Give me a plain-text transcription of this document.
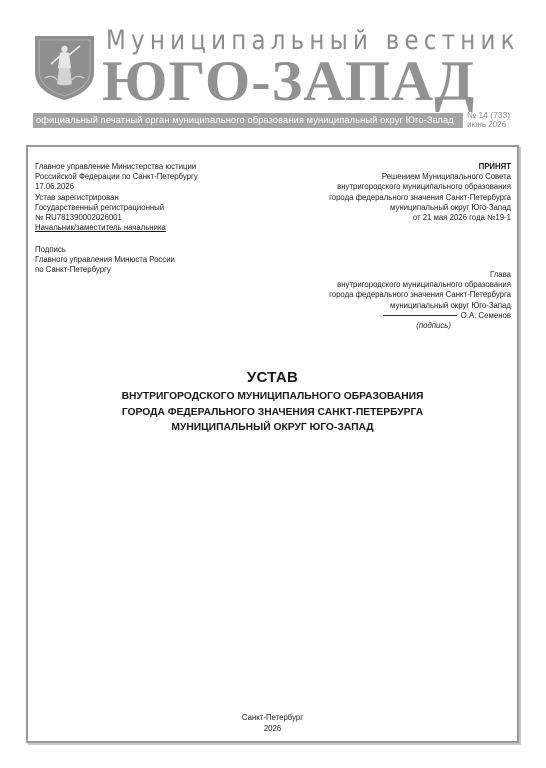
Муниципальный вестник
ЮГО-ЗАПАД
официальный печатный орган муниципального образования муниципальный округ Юго-Запад	№ 14 (733)
июнь 2026
Главное управление Министерства юстиции
Российской Федерации по Санкт-Петербургу
17.06.2026
Устав зарегистрирован
Государственный регистрационный
№ RU781390002026001
Начальник/заместитель начальника
Подпись
Главного управления Минюста России
по Санкт-Петербургу
ПРИНЯТ
Решением Муниципального Совета
внутригородского муниципального образования
города федерального значения Санкт-Петербурга
муниципальный округ Юго-Запад
от 21 мая 2026 года №19-1
Глава
внутригородского муниципального образования
города федерального значения Санкт-Петербурга
муниципальный округ Юго-Запад
О.А. Семенов
(подпись)
УСТАВ
ВНУТРИГОРОДСКОГО МУНИЦИПАЛЬНОГО ОБРАЗОВАНИЯ
ГОРОДА ФЕДЕРАЛЬНОГО ЗНАЧЕНИЯ САНКТ-ПЕТЕРБУРГА
МУНИЦИПАЛЬНЫЙ ОКРУГ ЮГО-ЗАПАД
Санкт-Петербург
2026
